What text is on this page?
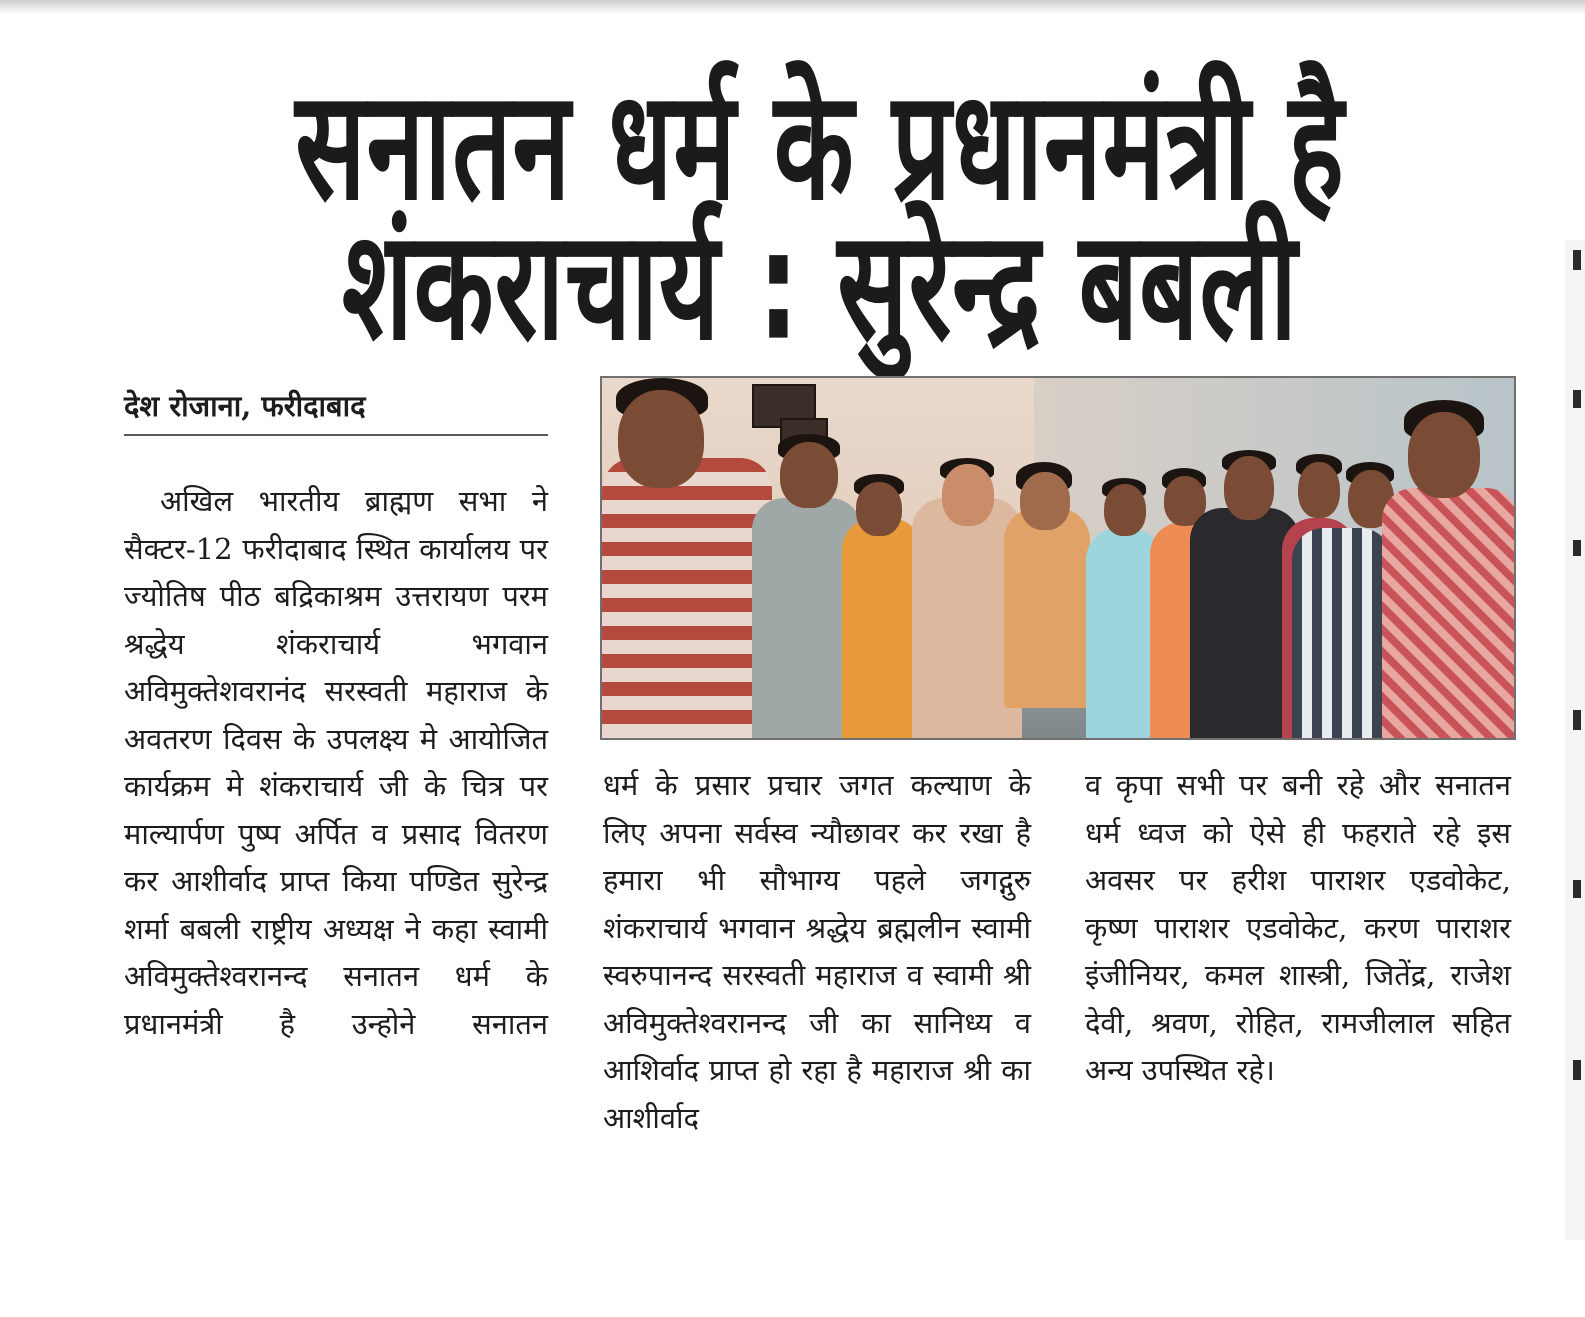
सनातन धर्म के प्रधानमंत्री है
शंकराचार्य : सुरेन्द्र बबली
देश रोजाना, फरीदाबाद

अखिल भारतीय ब्राह्मण सभा ने सैक्टर-12 फरीदाबाद स्थित कार्यालय पर ज्योतिष पीठ बद्रिकाश्रम उत्तरायण परम श्रद्धेय शंकराचार्य भगवान अविमुक्तेशवरानंद सरस्वती महाराज के अवतरण दिवस के उपलक्ष्य मे आयोजित कार्यक्रम मे शंकराचार्य जी के चित्र पर माल्यार्पण पुष्प अर्पित व प्रसाद वितरण कर आशीर्वाद प्राप्त किया पण्डित सुरेन्द्र शर्मा बबली राष्ट्रीय अध्यक्ष ने कहा स्वामी अविमुक्तेश्वरानन्द सनातन धर्म के प्रधानमंत्री है उन्होने सनातन

धर्म के प्रसार प्रचार जगत कल्याण के लिए अपना सर्वस्व न्यौछावर कर रखा है हमारा भी सौभाग्य पहले जगद्गुरु शंकराचार्य भगवान श्रद्धेय ब्रह्मलीन स्वामी स्वरुपानन्द सरस्वती महाराज व स्वामी श्री अविमुक्तेश्वरानन्द जी का सानिध्य व आशिर्वाद प्राप्त हो रहा है महाराज श्री का आशीर्वाद

व कृपा सभी पर बनी रहे और सनातन धर्म ध्वज को ऐसे ही फहराते रहे इस अवसर पर हरीश पाराशर एडवोकेट, कृष्ण पाराशर एडवोकेट, करण पाराशर इंजीनियर, कमल शास्त्री, जितेंद्र, राजेश देवी, श्रवण, रोहित, रामजीलाल सहित अन्य उपस्थित रहे।
